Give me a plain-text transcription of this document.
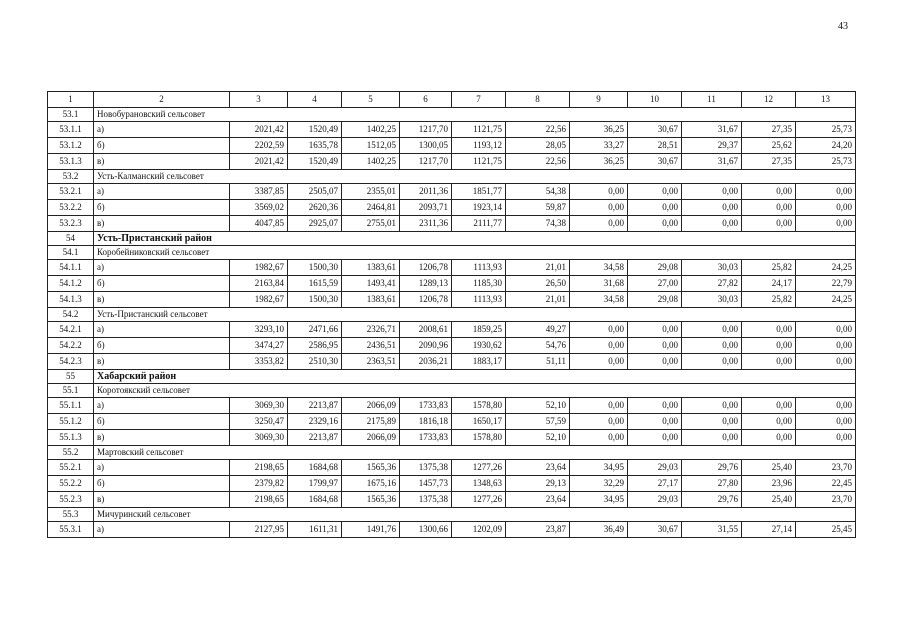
43
1	2	3	4	5	6	7	8	9	10	11	12	13
53.1	Новобурановский сельсовет											
53.1.1	а)	2021,42	1520,49	1402,25	1217,70	1121,75	22,56	36,25	30,67	31,67	27,35	25,73
53.1.2	б)	2202,59	1635,78	1512,05	1300,05	1193,12	28,05	33,27	28,51	29,37	25,62	24,20
53.1.3	в)	2021,42	1520,49	1402,25	1217,70	1121,75	22,56	36,25	30,67	31,67	27,35	25,73
53.2	Усть-Калманский сельсовет											
53.2.1	а)	3387,85	2505,07	2355,01	2011,36	1851,77	54,38	0,00	0,00	0,00	0,00	0,00
53.2.2	б)	3569,02	2620,36	2464,81	2093,71	1923,14	59,87	0,00	0,00	0,00	0,00	0,00
53.2.3	в)	4047,85	2925,07	2755,01	2311,36	2111,77	74,38	0,00	0,00	0,00	0,00	0,00
54	Усть-Пристанский район											
54.1	Коробейниковский сельсовет											
54.1.1	а)	1982,67	1500,30	1383,61	1206,78	1113,93	21,01	34,58	29,08	30,03	25,82	24,25
54.1.2	б)	2163,84	1615,59	1493,41	1289,13	1185,30	26,50	31,68	27,00	27,82	24,17	22,79
54.1.3	в)	1982,67	1500,30	1383,61	1206,78	1113,93	21,01	34,58	29,08	30,03	25,82	24,25
54.2	Усть-Пристанский сельсовет											
54.2.1	а)	3293,10	2471,66	2326,71	2008,61	1859,25	49,27	0,00	0,00	0,00	0,00	0,00
54.2.2	б)	3474,27	2586,95	2436,51	2090,96	1930,62	54,76	0,00	0,00	0,00	0,00	0,00
54.2.3	в)	3353,82	2510,30	2363,51	2036,21	1883,17	51,11	0,00	0,00	0,00	0,00	0,00
55	Хабарский район											
55.1	Коротоякский сельсовет											
55.1.1	а)	3069,30	2213,87	2066,09	1733,83	1578,80	52,10	0,00	0,00	0,00	0,00	0,00
55.1.2	б)	3250,47	2329,16	2175,89	1816,18	1650,17	57,59	0,00	0,00	0,00	0,00	0,00
55.1.3	в)	3069,30	2213,87	2066,09	1733,83	1578,80	52,10	0,00	0,00	0,00	0,00	0,00
55.2	Мартовский сельсовет											
55.2.1	а)	2198,65	1684,68	1565,36	1375,38	1277,26	23,64	34,95	29,03	29,76	25,40	23,70
55.2.2	б)	2379,82	1799,97	1675,16	1457,73	1348,63	29,13	32,29	27,17	27,80	23,96	22,45
55.2.3	в)	2198,65	1684,68	1565,36	1375,38	1277,26	23,64	34,95	29,03	29,76	25,40	23,70
55.3	Мичуринский сельсовет											
55.3.1	а)	2127,95	1611,31	1491,76	1300,66	1202,09	23,87	36,49	30,67	31,55	27,14	25,45
